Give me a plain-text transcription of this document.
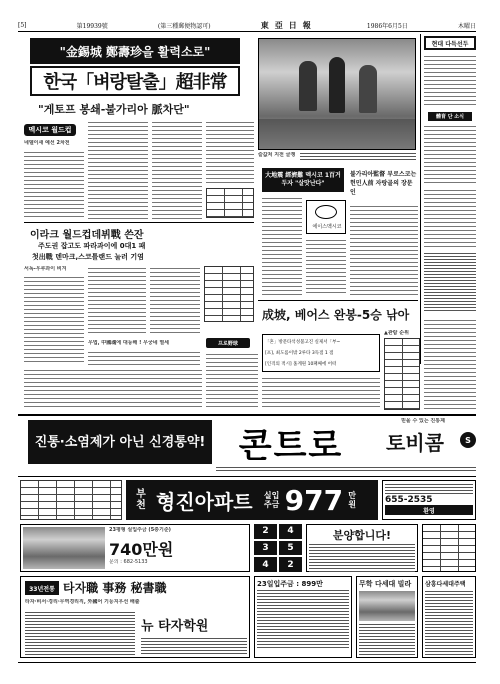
[5]	第19939號	(第三種郵便物認可)	東亞日報	1986年6月5日	木曜日
"金錫城 鄭壽珍을 활력소로"
한국「벼랑탈출」超非常
"게토프 봉쇄-불가리아 脈차단"
멕시코 월드컵
네델이새 예선 2차전
슬값처 지전 글쟁
현대 다득선두
體育 단 소식
이라크 월드컵데뷔戰 쓴잔
주도권 잡고도 파라과이에 0대1 패
첫出戰 덴마크,스코틀랜드 눌러 기염
서독-우루과이 비겨
우법, 中國魂에 대등해 ! 무궁네 열세
大地震 經濟難 멕시코 1百거두자 "살맛난다"
에이스멕시코
불가리아監督 부로스코는 헌민人前 자랑골의 장문인
成坡, 베어스 완봉-5승 낚아
프로野球	「혼」방문타석성불고진 실제서「부~
[프], 최도롭이밖 2루타 3득점 1 점
[인격의 적시] 홈계원 10패째에 어떠
▲관람 순위
진통·소염제가 아닌 신경통약! 콘트로
믿을 수 있는 진통제
토비콤	S
부천 형진아파트 실입주금 977 만원	655-2535
환영
23평형 실입주금 (5층기준)
740만원
문의 : 682-5133
2	4
3	5
4	2
분양합니다!
33년전통 타자職 事務 秘書職
타자·비서·경리·무역경리직, 外國어 기능지우선 배출
뉴 타자학원
23일입주금 : 899만	무학 다세대 빌라	삼흥다세대주택
